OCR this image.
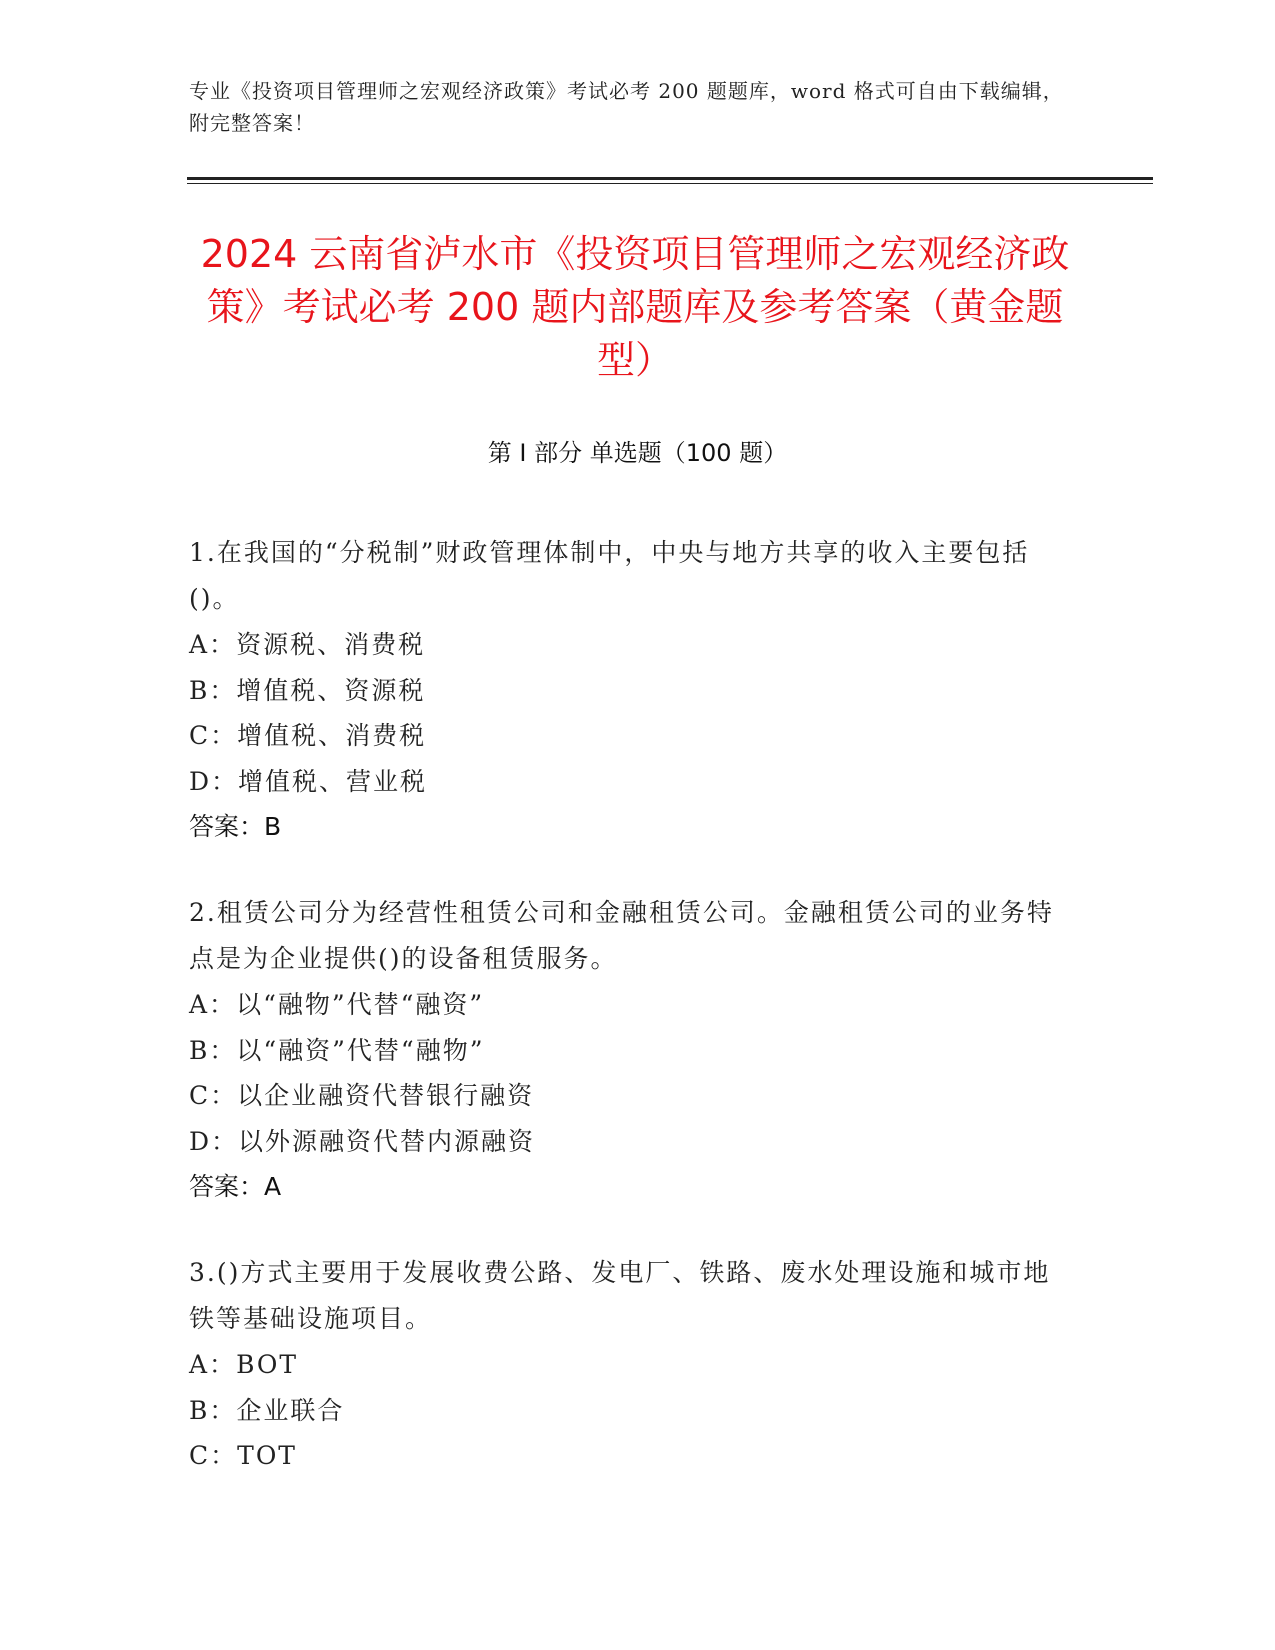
专业《投资项目管理师之宏观经济政策》考试必考 200 题题库，word 格式可自由下载编辑，附完整答案！
2024 云南省泸水市《投资项目管理师之宏观经济政策》考试必考 200 题内部题库及参考答案（黄金题型）
第 I 部分 单选题（100 题）
1.在我国的“分税制”财政管理体制中，中央与地方共享的收入主要包括()。
A：资源税、消费税
B：增值税、资源税
C：增值税、消费税
D：增值税、营业税
答案：B
2.租赁公司分为经营性租赁公司和金融租赁公司。金融租赁公司的业务特点是为企业提供()的设备租赁服务。
A：以“融物”代替“融资”
B：以“融资”代替“融物”
C：以企业融资代替银行融资
D：以外源融资代替内源融资
答案：A
3.()方式主要用于发展收费公路、发电厂、铁路、废水处理设施和城市地铁等基础设施项目。
A：BOT
B：企业联合
C：TOT
